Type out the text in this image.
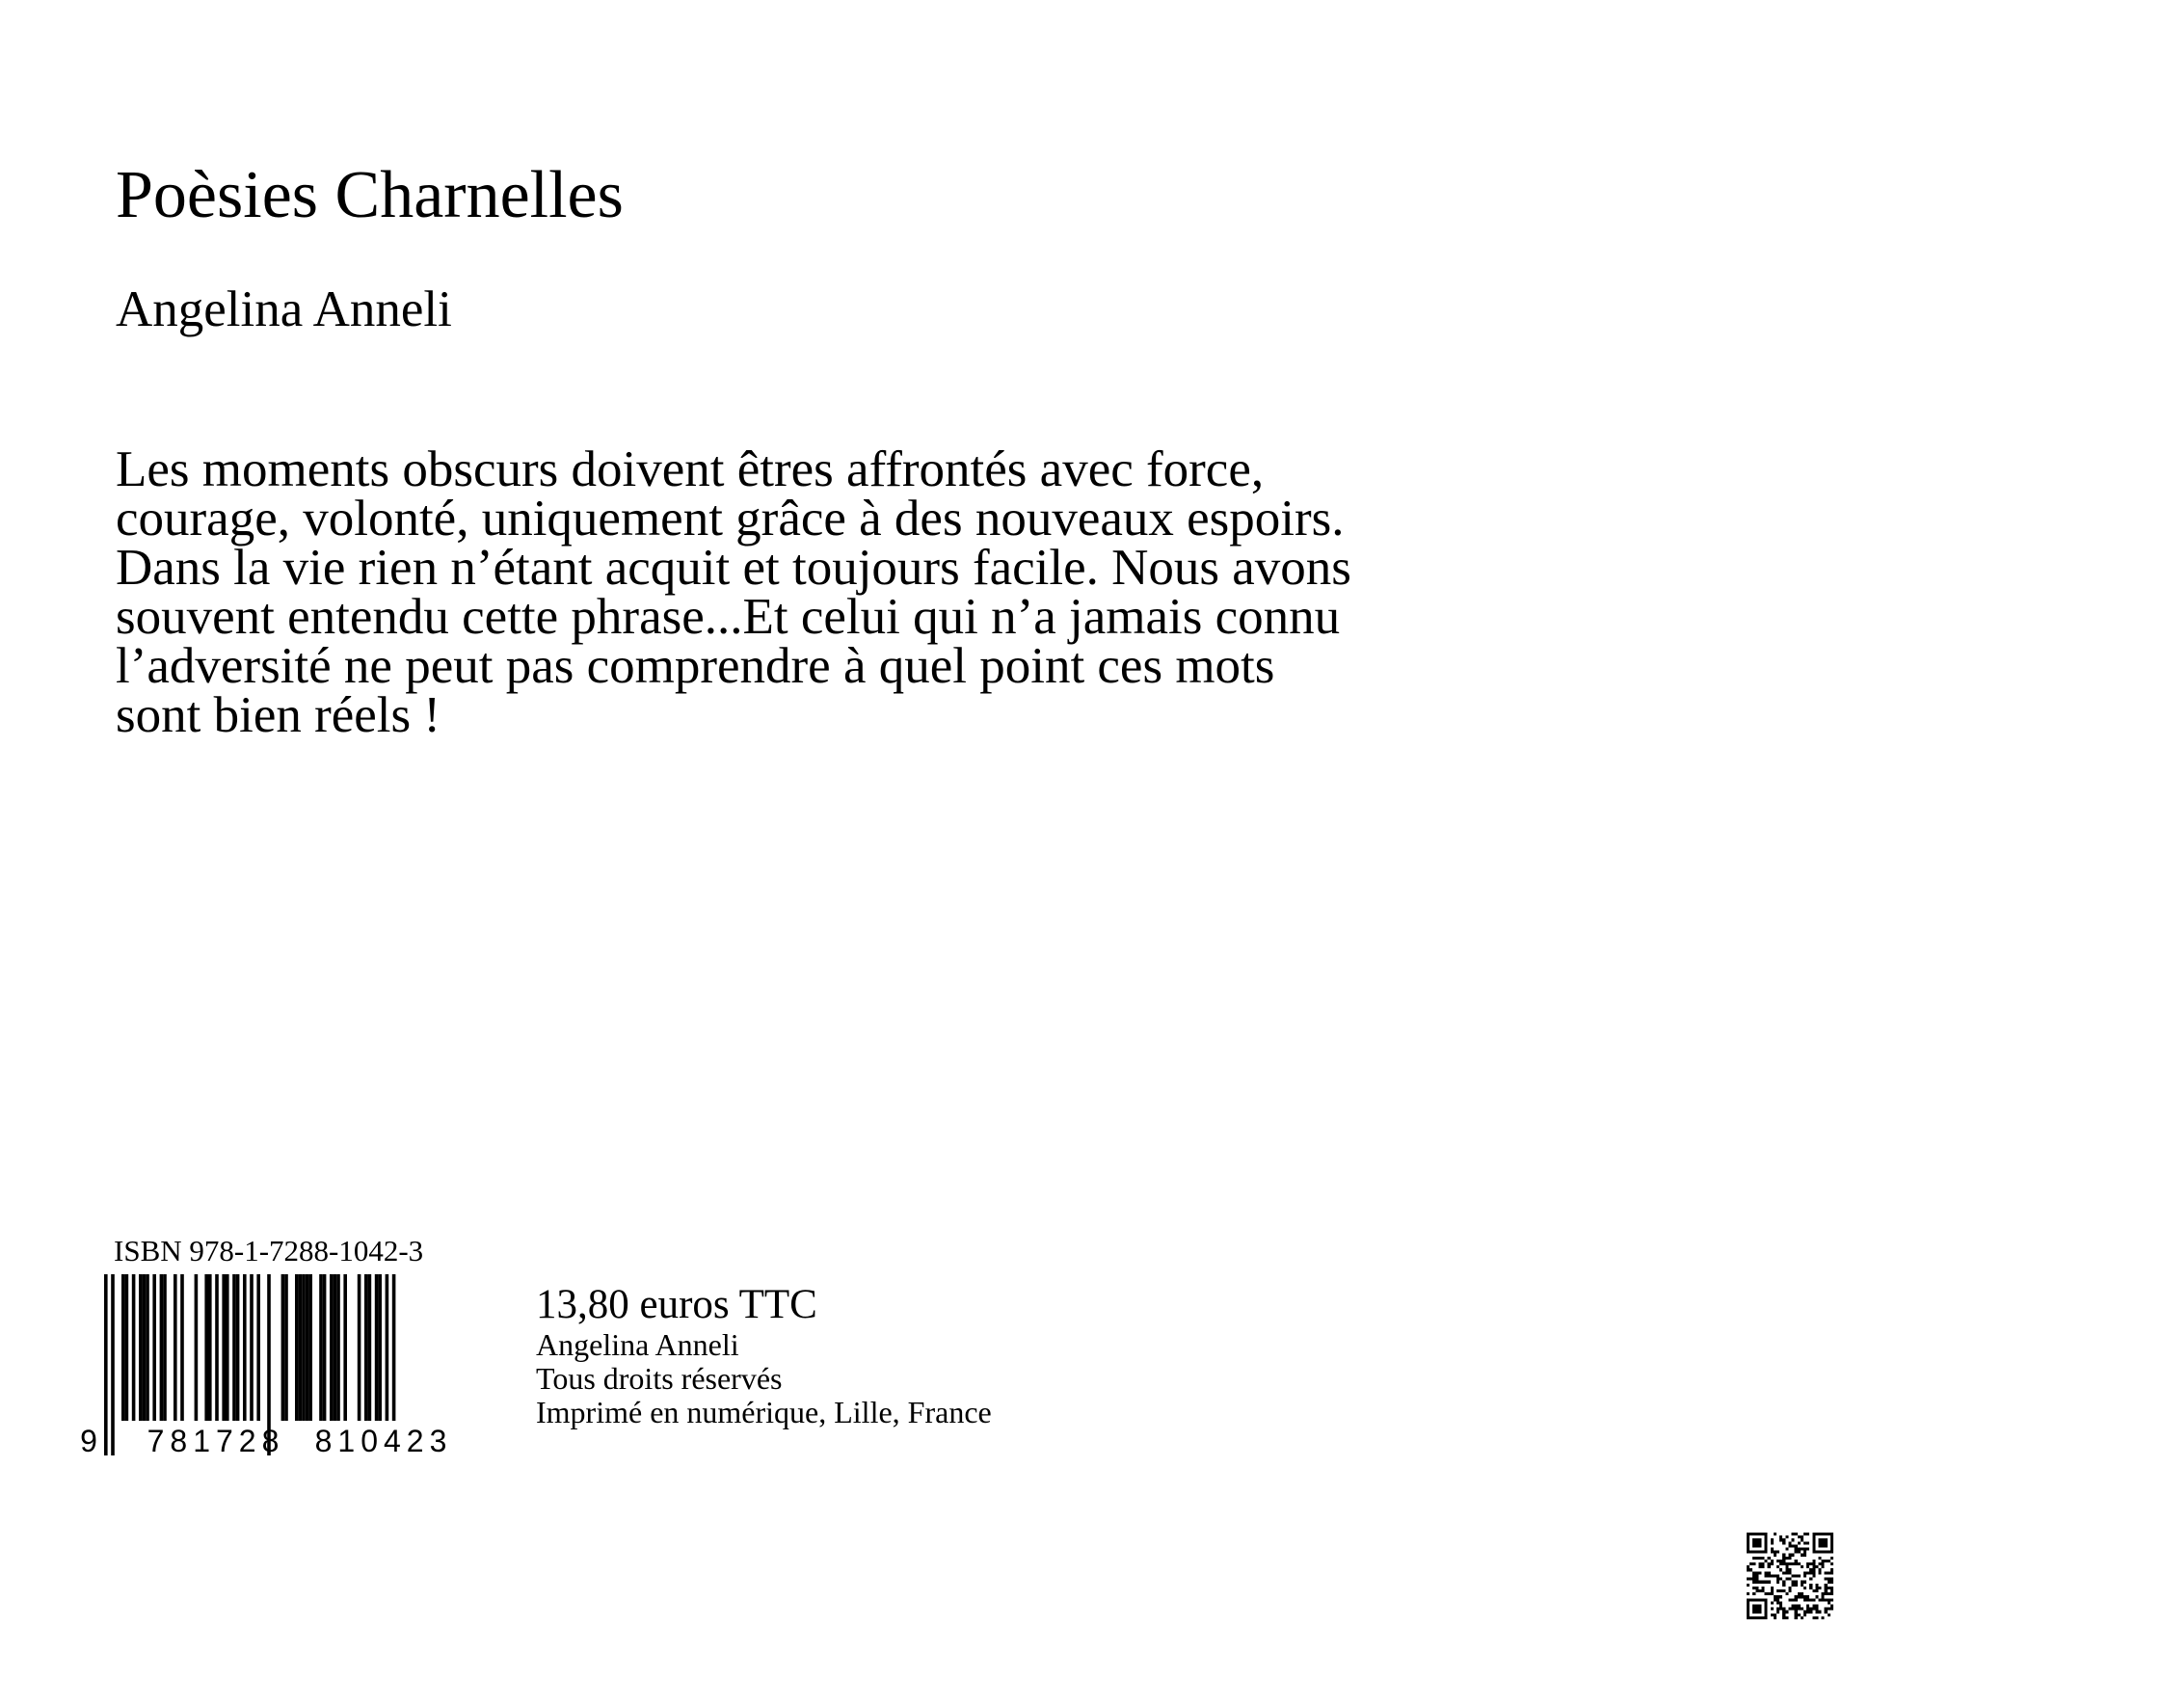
Poèsies Charnelles
Angelina Anneli

Les moments obscurs doivent êtres affrontés avec force,
courage, volonté, uniquement grâce à des nouveaux espoirs.
Dans la vie rien n’étant acquit et toujours facile. Nous avons
souvent entendu cette phrase...Et celui qui n’a jamais connu
l’adversité ne peut pas comprendre à quel point ces mots
sont bien réels !

ISBN 978-1-7288-1042-3
9 781728 810423
13,80 euros TTC
Angelina Anneli
Tous droits réservés
Imprimé en numérique, Lille, France
